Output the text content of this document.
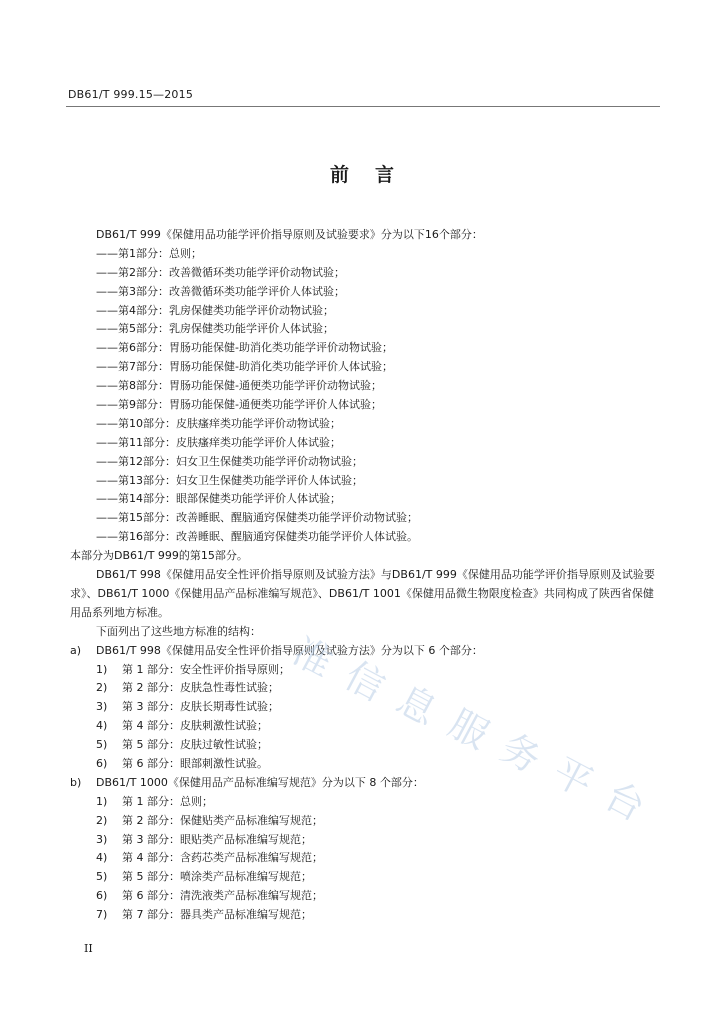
DB61/T 999.15—2015
前言
DB61/T 999《保健用品功能学评价指导原则及试验要求》分为以下16个部分：
——第1部分：总则；
——第2部分：改善微循环类功能学评价动物试验；
——第3部分：改善微循环类功能学评价人体试验；
——第4部分：乳房保健类功能学评价动物试验；
——第5部分：乳房保健类功能学评价人体试验；
——第6部分：胃肠功能保健-助消化类功能学评价动物试验；
——第7部分：胃肠功能保健-助消化类功能学评价人体试验；
——第8部分：胃肠功能保健-通便类功能学评价动物试验；
——第9部分：胃肠功能保健-通便类功能学评价人体试验；
——第10部分：皮肤瘙痒类功能学评价动物试验；
——第11部分：皮肤瘙痒类功能学评价人体试验；
——第12部分：妇女卫生保健类功能学评价动物试验；
——第13部分：妇女卫生保健类功能学评价人体试验；
——第14部分：眼部保健类功能学评价人体试验；
——第15部分：改善睡眠、醒脑通窍保健类功能学评价动物试验；
——第16部分：改善睡眠、醒脑通窍保健类功能学评价人体试验。
本部分为DB61/T 999的第15部分。
DB61/T 998《保健用品安全性评价指导原则及试验方法》与DB61/T 999《保健用品功能学评价指导原则及试验要求》、DB61/T 1000《保健用品产品标准编写规范》、DB61/T 1001《保健用品微生物限度检查》共同构成了陕西省保健用品系列地方标准。
下面列出了这些地方标准的结构：
a) DB61/T 998《保健用品安全性评价指导原则及试验方法》分为以下 6 个部分：
1) 第 1 部分：安全性评价指导原则；
2) 第 2 部分：皮肤急性毒性试验；
3) 第 3 部分：皮肤长期毒性试验；
4) 第 4 部分：皮肤刺激性试验；
5) 第 5 部分：皮肤过敏性试验；
6) 第 6 部分：眼部刺激性试验。
b) DB61/T 1000《保健用品产品标准编写规范》分为以下 8 个部分：
1) 第 1 部分：总则；
2) 第 2 部分：保健贴类产品标准编写规范；
3) 第 3 部分：眼贴类产品标准编写规范；
4) 第 4 部分：含药芯类产品标准编写规范；
5) 第 5 部分：喷涂类产品标准编写规范；
6) 第 6 部分：清洗液类产品标准编写规范；
7) 第 7 部分：器具类产品标准编写规范；
准
信
息
服
务
平
台
II
